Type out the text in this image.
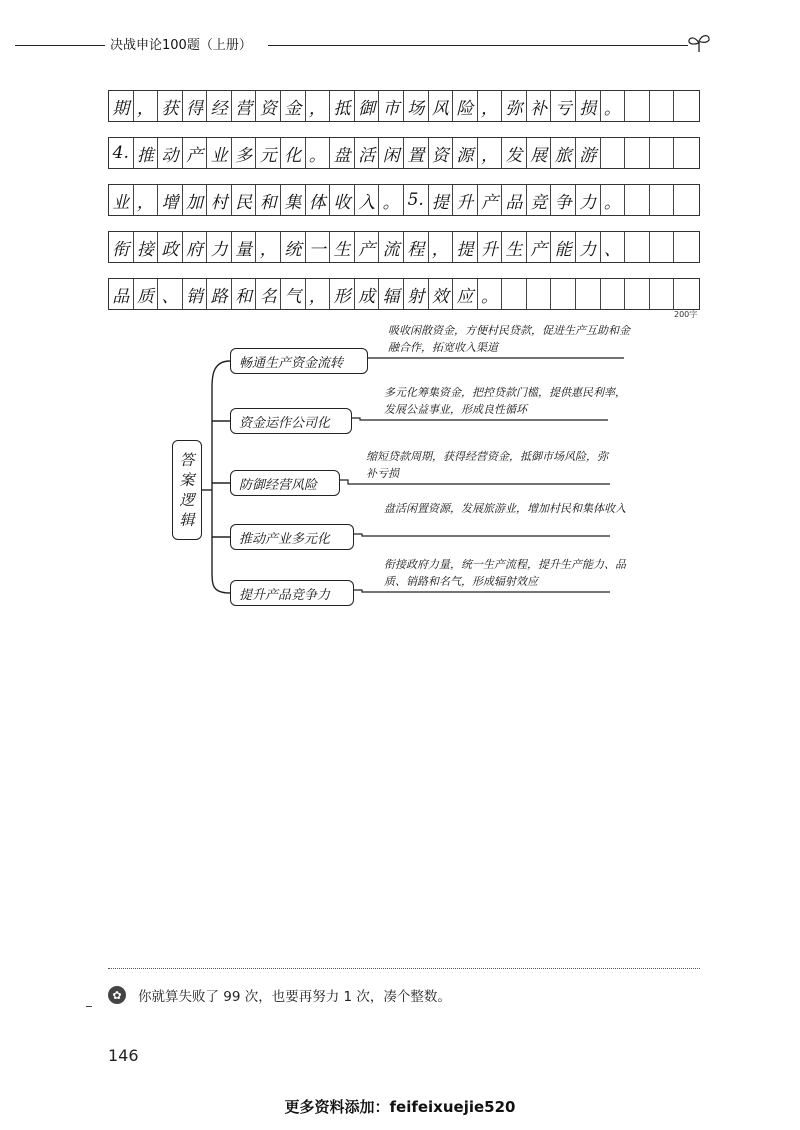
决战申论100题（上册）
期 ， 获 得 经 营 资 金 ， 抵 御 市 场 风 险 ， 弥 补 亏 损 。
4. 推 动 产 业 多 元 化 。 盘 活 闲 置 资 源 ， 发 展 旅 游
业 ， 增 加 村 民 和 集 体 收 入 。 5. 提 升 产 品 竞 争 力 。
衔 接 政 府 力 量 ， 统 一 生 产 流 程 ， 提 升 生 产 能 力 、
品 质 、 销 路 和 名 气 ， 形 成 辐 射 效 应 。
200字
答
案
逻
辑
畅通生产资金流转
吸收闲散资金，方便村民贷款，促进生产互助和金融合作，拓宽收入渠道
资金运作公司化
多元化筹集资金，把控贷款门槛，提供惠民利率，发展公益事业，形成良性循环
防御经营风险
缩短贷款周期，获得经营资金，抵御市场风险，弥补亏损
推动产业多元化
盘活闲置资源，发展旅游业，增加村民和集体收入
提升产品竞争力
衔接政府力量，统一生产流程，提升生产能力、品质、销路和名气，形成辐射效应
✿	你就算失败了 99 次，也要再努力 1 次，凑个整数。
146
更多资料添加：feifeixuejie520
